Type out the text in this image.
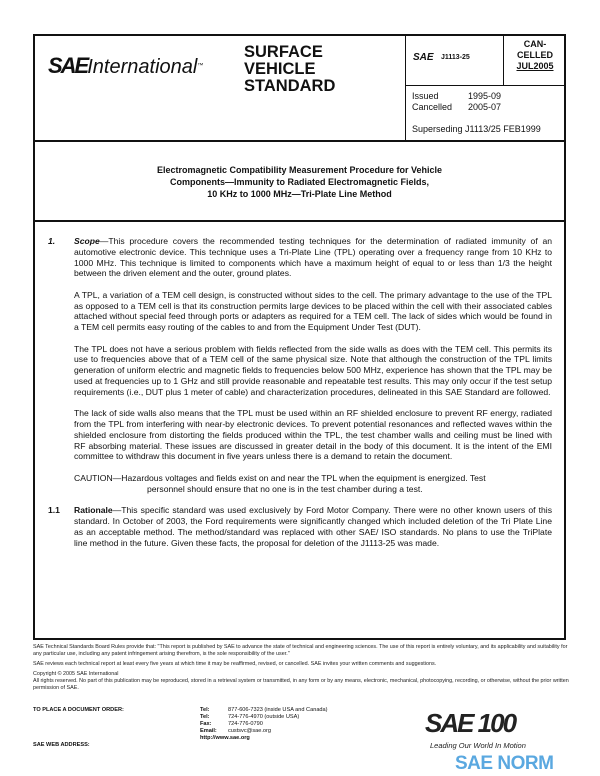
SAE J1113-25
CAN-
CELLED
JUL2005
SAEInternational™
SURFACE
VEHICLE
STANDARD
Issued	1995-09
Cancelled 2005-07
Superseding J1113/25 FEB1999
Electromagnetic Compatibility Measurement Procedure for Vehicle
Components—Immunity to Radiated Electromagnetic Fields,
10 KHz to 1000 MHz—Tri-Plate Line Method
1. Scope—This procedure covers the recommended testing techniques for the determination of radiated immunity of an automotive electronic device. This technique uses a Tri-Plate Line (TPL) operating over a frequency range from 10 KHz to 1000 MHz. This technique is limited to components which have a maximum height of equal to or less than 1/3 the height between the driven element and the outer, ground plates.
A TPL, a variation of a TEM cell design, is constructed without sides to the cell. The primary advantage to the use of the TPL as opposed to a TEM cell is that its construction permits large devices to be placed within the cell with their associated cables attached without special feed through ports or adapters as required for a TEM cell. The lack of sides which would be found in a TEM cell permits easy routing of the cables to and from the Equipment Under Test (DUT).
The TPL does not have a serious problem with fields reflected from the side walls as does with the TEM cell. This permits its use to frequencies above that of a TEM cell of the same physical size. Note that although the construction of the TPL limits generation of uniform electric and magnetic fields to frequencies below 500 MHz, experience has shown that the TPL may be used at frequencies up to 1 GHz and still provide reasonable and repeatable test results. This may only occur if the test setup requirements (i.e., DUT plus 1 meter of cable) and characterization procedures, delineated in this SAE Standard are followed.
The lack of side walls also means that the TPL must be used within an RF shielded enclosure to prevent RF energy, radiated from the TPL from interfering with near-by electronic devices. To prevent potential resonances and reflected waves within the shielded enclosure from distorting the fields produced within the TPL, the test chamber walls and ceiling must be lined with RF absorbing material. These issues are discussed in greater detail in the body of this document. It is the intent of the EMI committee to withdraw this document in five years unless there is a demand to retain the document.
CAUTION—Hazardous voltages and fields exist on and near the TPL when the equipment is energized. Test
personnel should ensure that no one is in the test chamber during a test.
1.1 Rationale—This specific standard was used exclusively by Ford Motor Company. There were no other known users of this standard. In October of 2003, the Ford requirements were significantly changed which included deletion of the Tri Plate Line as an acceptable method. The method/standard was replaced with other SAE/ ISO standards. No plans to use the TriPlate line method in the future. Given these facts, the proposal for deletion of the J1113-25 was made.

SAE Technical Standards Board Rules provide that: "This report is published by SAE to advance the state of technical and engineering sciences. The use of this report is entirely voluntary, and its applicability and suitability for any particular use, including any patent infringement arising therefrom, is the sole responsibility of the user."

SAE reviews each technical report at least every five years at which time it may be reaffirmed, revised, or cancelled. SAE invites your written comments and suggestions.

Copyright © 2005 SAE International
All rights reserved. No part of this publication may be reproduced, stored in a retrieval system or transmitted, in any form or by any means, electronic, mechanical, photocopying, recording, or otherwise, without the prior written permission of SAE.
TO PLACE A DOCUMENT ORDER:
SAE WEB ADDRESS:
Tel:	877-606-7323 (inside USA and Canada)
Tel:	724-776-4970 (outside USA)
Fax:	724-776-0790
Email: custsvc@sae.org
http://www.sae.org	SAE 100
Leading Our World In Motion
SAE NORM
